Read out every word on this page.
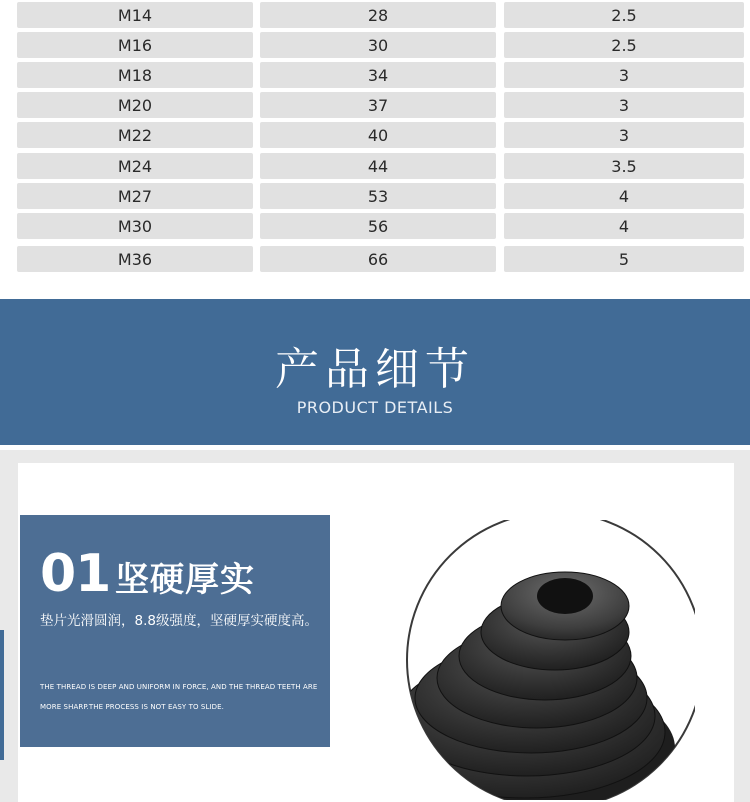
M14	28	2.5
M16	30	2.5
M18	34	3
M20	37	3
M22	40	3
M24	44	3.5
M27	53	4
M30	56	4
M36	66	5
产品细节
PRODUCT DETAILS
01 坚硬厚实
垫片光滑圆润，8.8级强度，坚硬厚实硬度高。
THE THREAD IS DEEP AND UNIFORM IN FORCE, AND THE THREAD TEETH ARE MORE SHARP.THE PROCESS IS NOT EASY TO SLIDE.
